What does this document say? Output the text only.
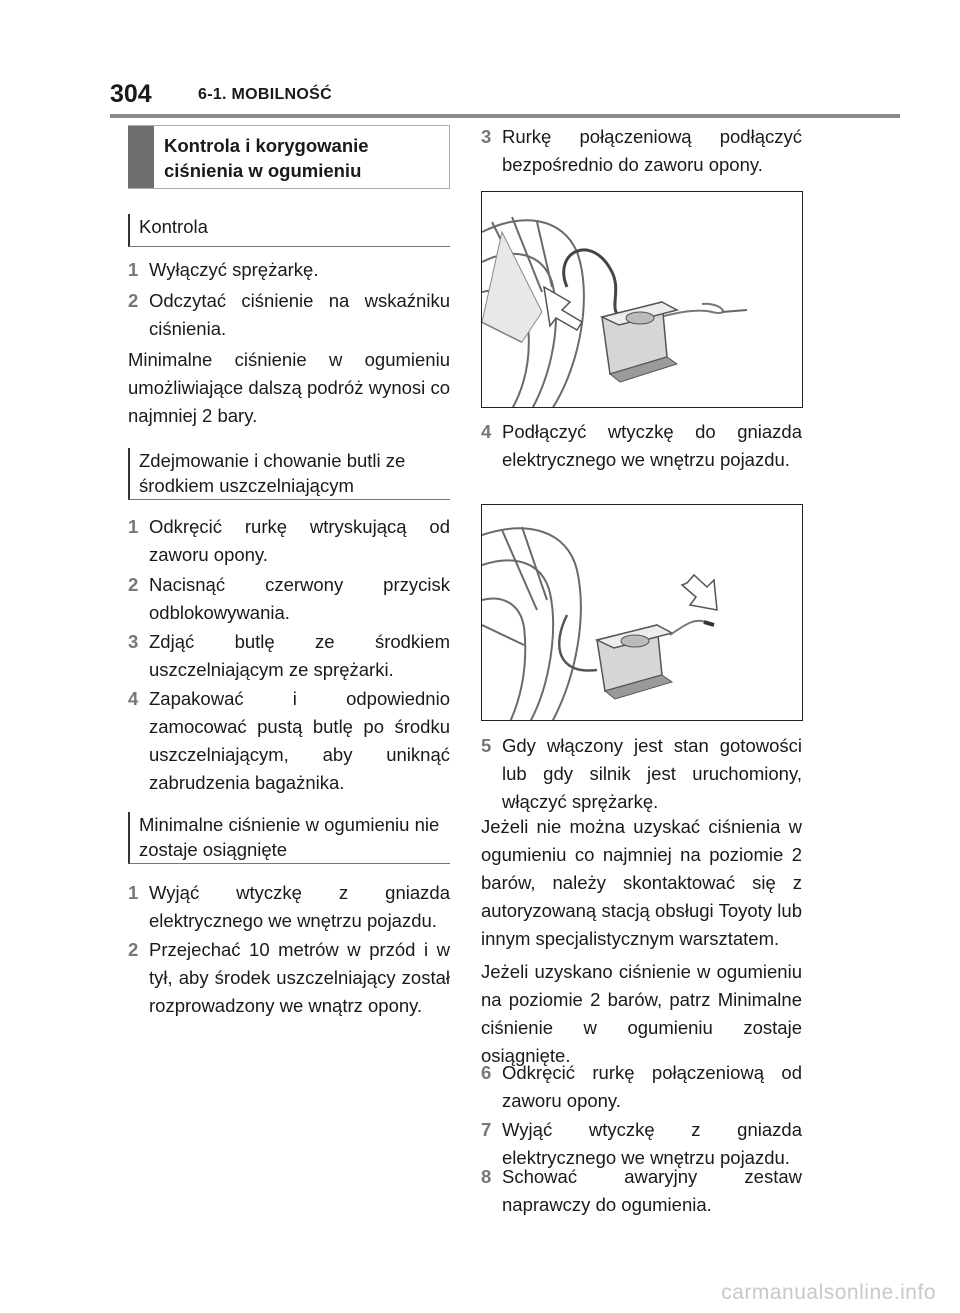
304	6-1. MOBILNOŚĆ
Kontrola i korygowanie ciśnienia w ogumieniu
Kontrola
1 Wyłączyć sprężarkę.
2 Odczytać ciśnienie na wskaźniku ciśnienia.
Minimalne ciśnienie w ogumieniu umożliwiające dalszą podróż wynosi co najmniej 2 bary.
Zdejmowanie i chowanie butli ze środkiem uszczelniającym
1 Odkręcić rurkę wtryskującą od zaworu opony.
2 Nacisnąć czerwony przycisk odblokowywania.
3 Zdjąć butlę ze środkiem uszczelniającym ze sprężarki.
4 Zapakować i odpowiednio zamocować pustą butlę po środku uszczelniającym, aby uniknąć zabrudzenia bagażnika.
Minimalne ciśnienie w ogumieniu nie zostaje osiągnięte
1 Wyjąć wtyczkę z gniazda elektrycznego we wnętrzu pojazdu.
2 Przejechać 10 metrów w przód i w tył, aby środek uszczelniający został rozprowadzony we wnątrz opony.
3 Rurkę połączeniową podłączyć bezpośrednio do zaworu opony.
4 Podłączyć wtyczkę do gniazda elektrycznego we wnętrzu pojazdu.
5 Gdy włączony jest stan gotowości lub gdy silnik jest uruchomiony, włączyć sprężarkę.
Jeżeli nie można uzyskać ciśnienia w ogumieniu co najmniej na poziomie 2 barów, należy skontaktować się z autoryzowaną stacją obsługi Toyoty lub innym specjalistycznym warsztatem.
Jeżeli uzyskano ciśnienie w ogumieniu na poziomie 2 barów, patrz Minimalne ciśnienie w ogumieniu zostaje osiągnięte.
6 Odkręcić rurkę połączeniową od zaworu opony.
7 Wyjąć wtyczkę z gniazda elektrycznego we wnętrzu pojazdu.
8 Schować awaryjny zestaw naprawczy do ogumienia.
carmanualsonline.info
